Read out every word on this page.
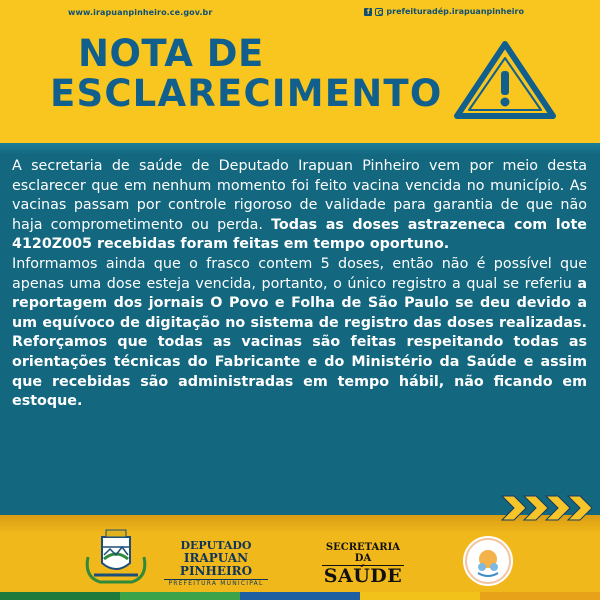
www.irapuanpinheiro.ce.gov.br	f	prefeituradép.irapuanpinheiro
NOTA DE
ESCLARECIMENTO
A secretaria de saúde de Deputado Irapuan Pinheiro vem por meio desta esclarecer que em nenhum momento foi feito vacina vencida no município. As vacinas passam por controle rigoroso de validade para garantia de que não haja comprometimento ou perda. Todas as doses astrazeneca com lote 4120Z005 recebidas foram feitas em tempo oportuno.
Informamos ainda que o frasco contem 5 doses, então não é possível que apenas uma dose esteja vencida, portanto, o único registro a qual se referiu a reportagem dos jornais O Povo e Folha de São Paulo se deu devido a um equívoco de digitação no sistema de registro das doses realizadas. Reforçamos que todas as vacinas são feitas respeitando todas as orientações técnicas do Fabricante e do Ministério da Saúde e assim que recebidas são administradas em tempo hábil, não ficando em estoque.
DEPUTADO
IRAPUAN PINHEIRO
PREFEITURA MUNICIPAL
SECRETARIA DA
SAÚDE
